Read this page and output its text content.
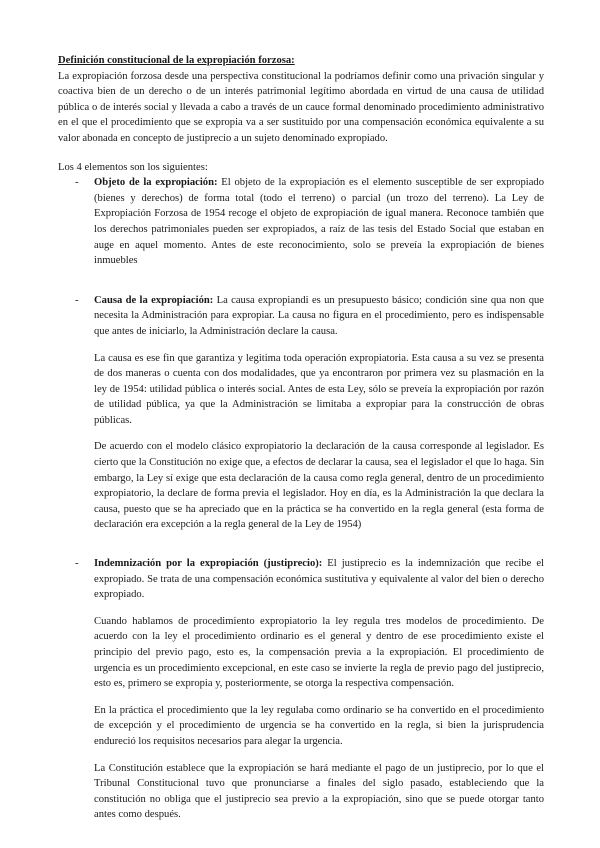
Definición constitucional de la expropiación forzosa:

La expropiación forzosa desde una perspectiva constitucional la podríamos definir como una privación singular y coactiva bien de un derecho o de un interés patrimonial legítimo abordada en virtud de una causa de utilidad pública o de interés social y llevada a cabo a través de un cauce formal denominado procedimiento administrativo en el que el procedimiento que se expropia va a ser sustituido por una compensación económica equivalente a su valor abonada en concepto de justiprecio a un sujeto denominado expropiado.

Los 4 elementos son los siguientes:

- Objeto de la expropiación: El objeto de la expropiación es el elemento susceptible de ser expropiado (bienes y derechos) de forma total (todo el terreno) o parcial (un trozo del terreno). La Ley de Expropiación Forzosa de 1954 recoge el objeto de expropiación de igual manera. Reconoce también que los derechos patrimoniales pueden ser expropiados, a raíz de las tesis del Estado Social que estaban en auge en aquel momento. Antes de este reconocimiento, solo se preveía la expropiación de bienes inmuebles

- Causa de la expropiación: La causa expropiandi es un presupuesto básico; condición sine qua non que necesita la Administración para expropiar. La causa no figura en el procedimiento, pero es indispensable que antes de iniciarlo, la Administración declare la causa.

La causa es ese fin que garantiza y legitima toda operación expropiatoria. Esta causa a su vez se presenta de dos maneras o cuenta con dos modalidades, que ya encontraron por primera vez su plasmación en la ley de 1954: utilidad pública o interés social. Antes de esta Ley, sólo se preveía la expropiación por razón de utilidad pública, ya que la Administración se limitaba a expropiar para la construcción de obras públicas.

De acuerdo con el modelo clásico expropiatorio la declaración de la causa corresponde al legislador. Es cierto que la Constitución no exige que, a efectos de declarar la causa, sea el legislador el que lo haga. Sin embargo, la Ley sí exige que esta declaración de la causa como regla general, dentro de un procedimiento expropiatorio, la declare de forma previa el legislador. Hoy en día, es la Administración la que declara la causa, puesto que se ha apreciado que en la práctica se ha convertido en la regla general (esta forma de declaración era excepción a la regla general de la Ley de 1954)

- Indemnización por la expropiación (justiprecio): El justiprecio es la indemnización que recibe el expropiado. Se trata de una compensación económica sustitutiva y equivalente al valor del bien o derecho expropiado.

Cuando hablamos de procedimiento expropiatorio la ley regula tres modelos de procedimiento. De acuerdo con la ley el procedimiento ordinario es el general y dentro de ese procedimiento existe el principio del previo pago, esto es, la compensación previa a la expropiación. El procedimiento de urgencia es un procedimiento excepcional, en este caso se invierte la regla de previo pago del justiprecio, esto es, primero se expropia y, posteriormente, se otorga la respectiva compensación.

En la práctica el procedimiento que la ley regulaba como ordinario se ha convertido en el procedimiento de excepción y el procedimiento de urgencia se ha convertido en la regla, si bien la jurisprudencia endureció los requisitos necesarios para alegar la urgencia.

La Constitución establece que la expropiación se hará mediante el pago de un justiprecio, por lo que el Tribunal Constitucional tuvo que pronunciarse a finales del siglo pasado, estableciendo que la constitución no obliga que el justiprecio sea previo a la expropiación, sino que se puede otorgar tanto antes como después.
